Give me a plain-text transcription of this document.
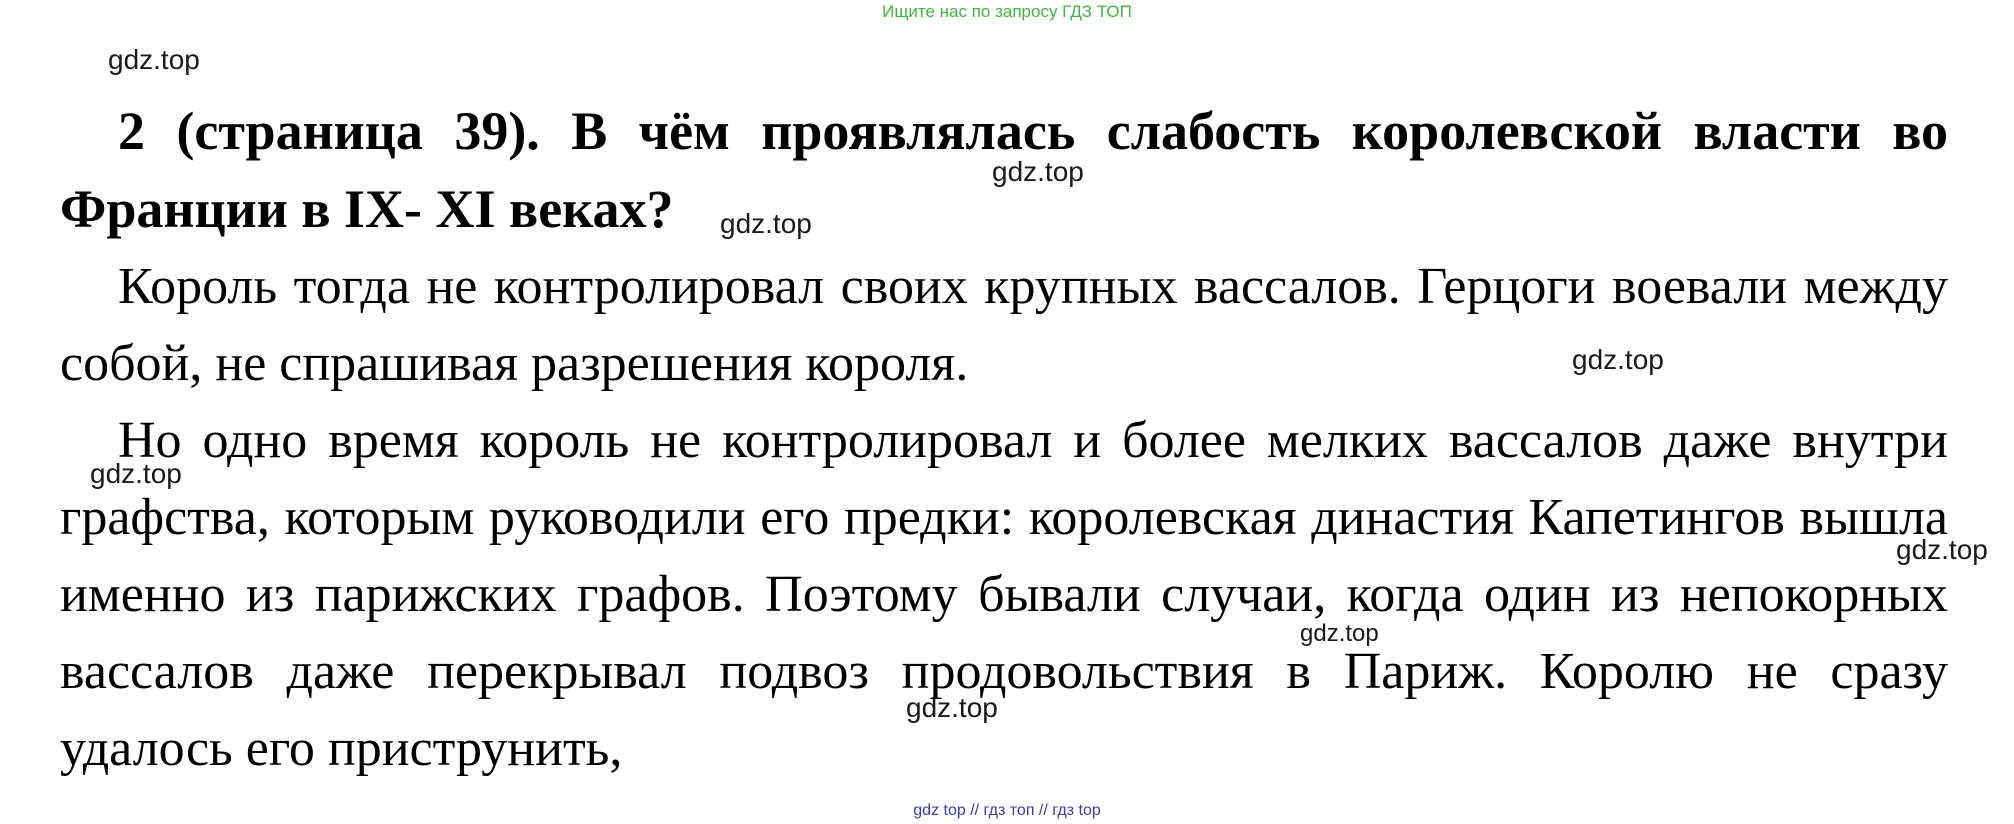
Ищите нас по запросу ГДЗ ТОП
gdz.top
gdz.top
gdz.top
gdz.top
gdz.top
gdz.top
gdz.top
gdz.top

2 (страница 39). В чём проявлялась слабость королевской власти во Франции в IX- XI веках?

Король тогда не контролировал своих крупных вассалов. Герцоги воевали между собой, не спрашивая разрешения короля.

Но одно время король не контролировал и более мелких вассалов даже внутри графства, которым руководили его предки: королевская династия Капетингов вышла именно из парижских графов. Поэтому бывали случаи, когда один из непокорных вассалов даже перекрывал подвоз продовольствия в Париж. Королю не сразу удалось его приструнить,

gdz top // гдз топ // гдз top
